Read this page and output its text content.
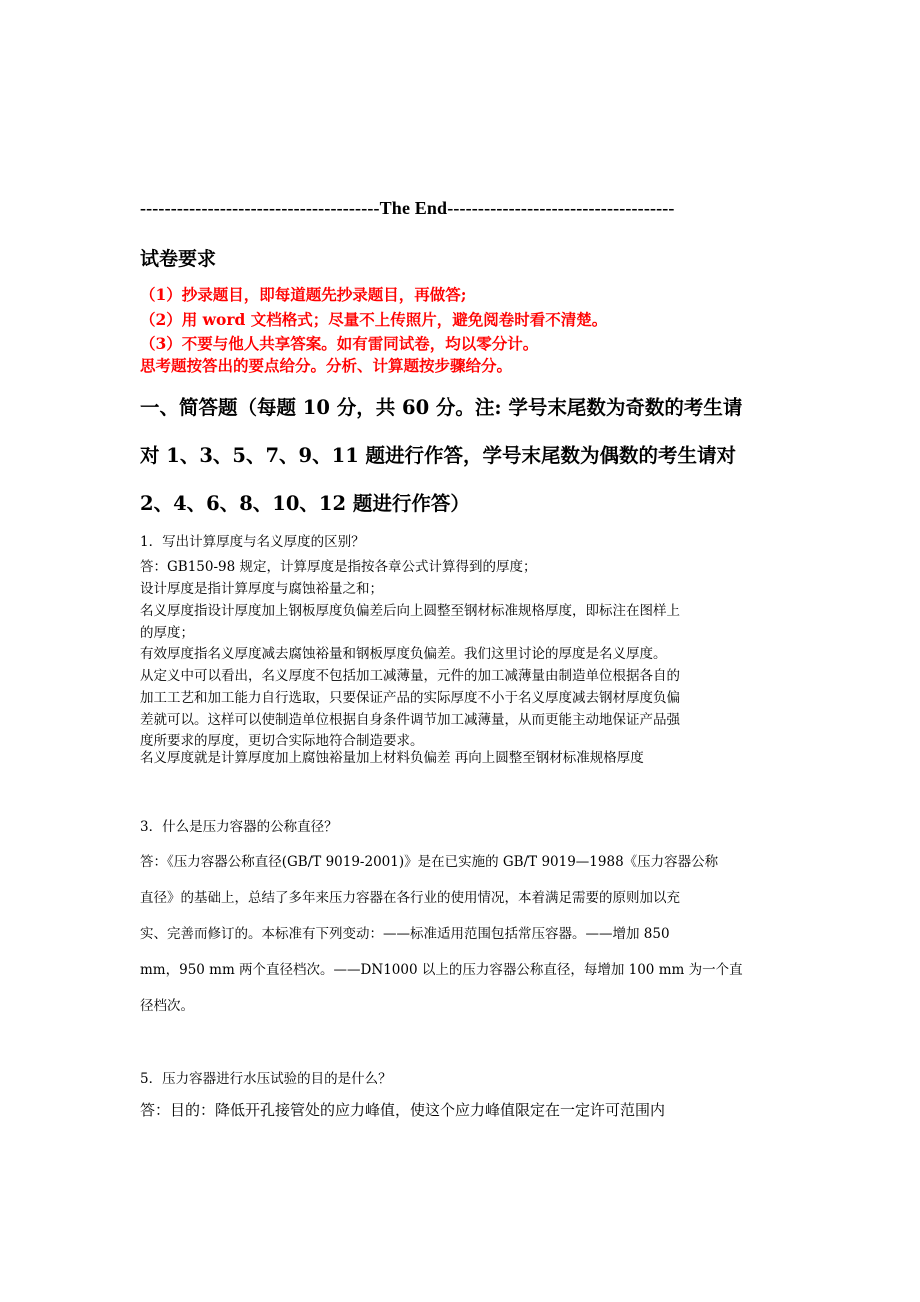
---------------------------------------The End-------------------------------------
试卷要求
（1）抄录题目，即每道题先抄录题目，再做答;
（2）用 word 文档格式；尽量不上传照片，避免阅卷时看不清楚。
（3）不要与他人共享答案。如有雷同试卷，均以零分计。
思考题按答出的要点给分。分析、计算题按步骤给分。
一、简答题（每题 10 分，共 60 分。注: 学号末尾数为奇数的考生请
对 1、3、5、7、9、11 题进行作答，学号末尾数为偶数的考生请对
2、4、6、8、10、12 题进行作答）
1．写出计算厚度与名义厚度的区别？
答：GB150-98 规定，计算厚度是指按各章公式计算得到的厚度；
设计厚度是指计算厚度与腐蚀裕量之和；
名义厚度指设计厚度加上钢板厚度负偏差后向上圆整至钢材标准规格厚度，即标注在图样上
的厚度；
有效厚度指名义厚度减去腐蚀裕量和钢板厚度负偏差。我们这里讨论的厚度是名义厚度。
从定义中可以看出，名义厚度不包括加工减薄量，元件的加工减薄量由制造单位根据各自的
加工工艺和加工能力自行选取，只要保证产品的实际厚度不小于名义厚度减去钢材厚度负偏
差就可以。这样可以使制造单位根据自身条件调节加工减薄量，从而更能主动地保证产品强
度所要求的厚度，更切合实际地符合制造要求。
名义厚度就是计算厚度加上腐蚀裕量加上材料负偏差 再向上圆整至钢材标准规格厚度
3．什么是压力容器的公称直径？
答：《压力容器公称直径(GB/T 9019-2001)》是在已实施的 GB/T 9019—1988《压力容器公称
直径》的基础上，总结了多年来压力容器在各行业的使用情况，本着满足需要的原则加以充
实、完善而修订的。本标准有下列变动：——标准适用范围包括常压容器。——增加 850
mm，950 mm 两个直径档次。——DN1000 以上的压力容器公称直径，每增加 100 mm 为一个直
径档次。
5．压力容器进行水压试验的目的是什么？
答：目的：降低开孔接管处的应力峰值，使这个应力峰值限定在一定许可范围内
